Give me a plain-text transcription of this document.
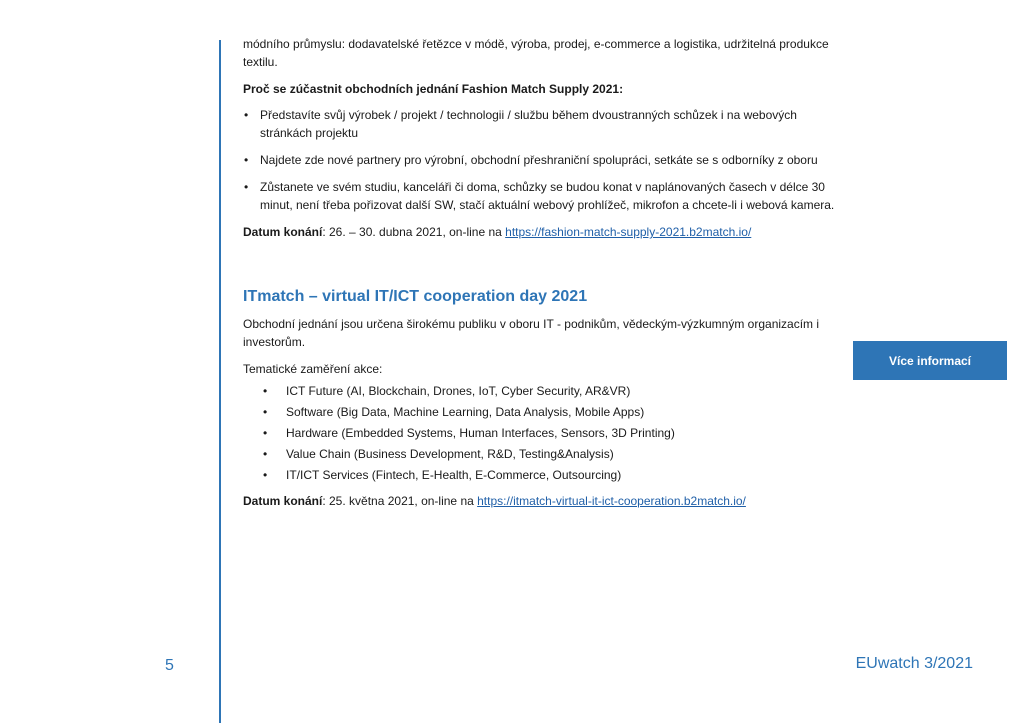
módního průmyslu: dodavatelské řetězce v módě, výroba, prodej, e-commerce a logistika, udržitelná produkce textilu.

Proč se zúčastnit obchodních jednání Fashion Match Supply 2021:

• Představíte svůj výrobek / projekt / technologii / službu během dvoustranných schůzek i na webových stránkách projektu
• Najdete zde nové partnery pro výrobní, obchodní přeshraniční spolupráci, setkáte se s odborníky z oboru
• Zůstanete ve svém studiu, kanceláři či doma, schůzky se budou konat v naplánovaných časech v délce 30 minut, není třeba pořizovat další SW, stačí aktuální webový prohlížeč, mikrofon a chcete-li i webová kamera.

Datum konání: 26. – 30. dubna 2021, on-line na https://fashion-match-supply-2021.b2match.io/

ITmatch – virtual IT/ICT cooperation day 2021

Obchodní jednání jsou určena širokému publiku v oboru IT - podnikům, vědeckým-výzkumným organizacím i investorům.

Tematické zaměření akce:

• ICT Future (AI, Blockchain, Drones, IoT, Cyber Security, AR&VR)
• Software (Big Data, Machine Learning, Data Analysis, Mobile Apps)
• Hardware (Embedded Systems, Human Interfaces, Sensors, 3D Printing)
• Value Chain (Business Development, R&D, Testing&Analysis)
• IT/ICT Services (Fintech, E-Health, E-Commerce, Outsourcing)

Datum konání: 25. května 2021, on-line na https://itmatch-virtual-it-ict-cooperation.b2match.io/

Více informací
5	EUwatch 3/2021
